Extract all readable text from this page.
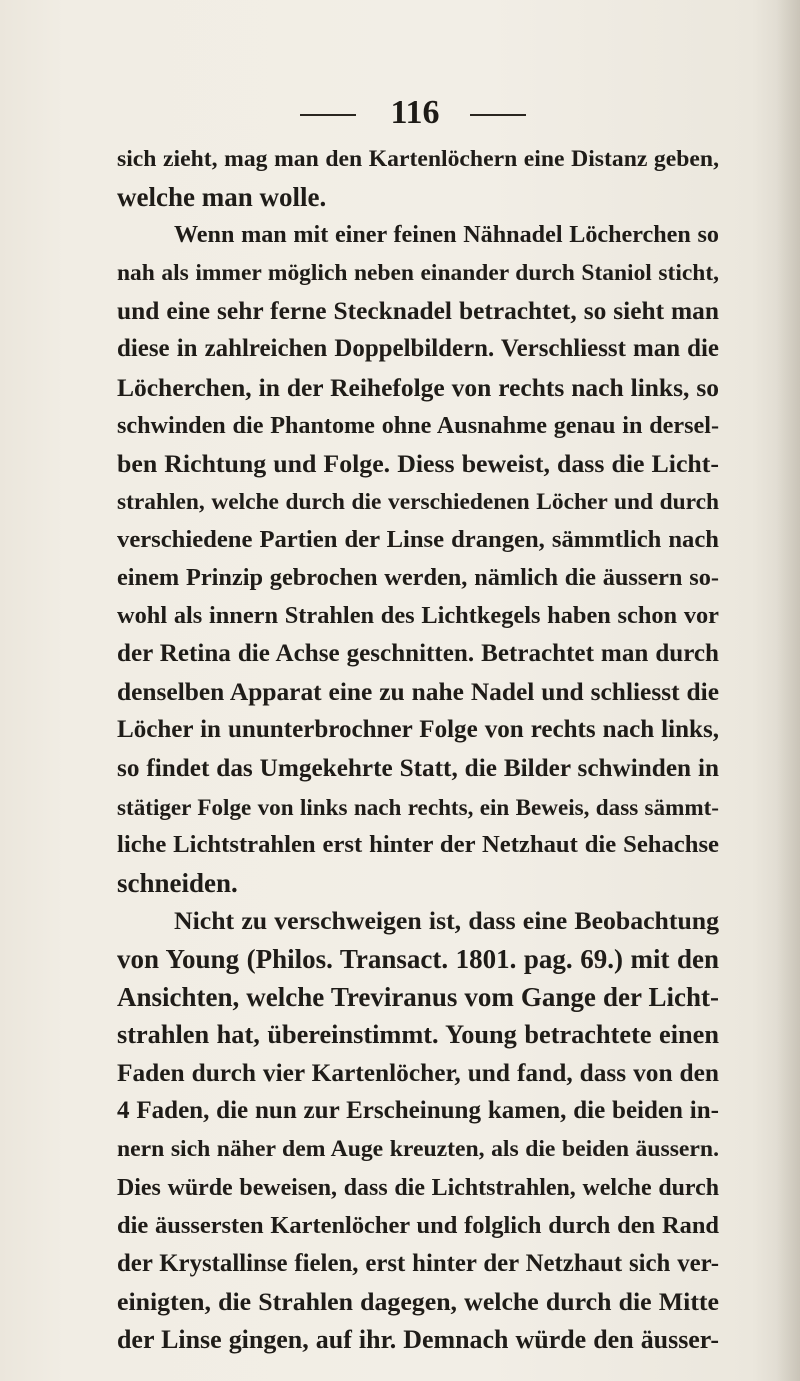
116
sich zieht, mag man den Kartenlöchern eine Distanz geben,
welche man wolle.
Wenn man mit einer feinen Nähnadel Löcherchen so
nah als immer möglich neben einander durch Staniol sticht,
und eine sehr ferne Stecknadel betrachtet, so sieht man
diese in zahlreichen Doppelbildern. Verschliesst man die
Löcherchen, in der Reihefolge von rechts nach links, so
schwinden die Phantome ohne Ausnahme genau in dersel-
ben Richtung und Folge. Diess beweist, dass die Licht-
strahlen, welche durch die verschiedenen Löcher und durch
verschiedene Partien der Linse drangen, sämmtlich nach
einem Prinzip gebrochen werden, nämlich die äussern so-
wohl als innern Strahlen des Lichtkegels haben schon vor
der Retina die Achse geschnitten. Betrachtet man durch
denselben Apparat eine zu nahe Nadel und schliesst die
Löcher in ununterbrochner Folge von rechts nach links,
so findet das Umgekehrte Statt, die Bilder schwinden in
stätiger Folge von links nach rechts, ein Beweis, dass sämmt-
liche Lichtstrahlen erst hinter der Netzhaut die Sehachse
schneiden.
Nicht zu verschweigen ist, dass eine Beobachtung
von Young (Philos. Transact. 1801. pag. 69.) mit den
Ansichten, welche Treviranus vom Gange der Licht-
strahlen hat, übereinstimmt. Young betrachtete einen
Faden durch vier Kartenlöcher, und fand, dass von den
4 Faden, die nun zur Erscheinung kamen, die beiden in-
nern sich näher dem Auge kreuzten, als die beiden äussern.
Dies würde beweisen, dass die Lichtstrahlen, welche durch
die äussersten Kartenlöcher und folglich durch den Rand
der Krystallinse fielen, erst hinter der Netzhaut sich ver-
einigten, die Strahlen dagegen, welche durch die Mitte
der Linse gingen, auf ihr. Demnach würde den äusser-
